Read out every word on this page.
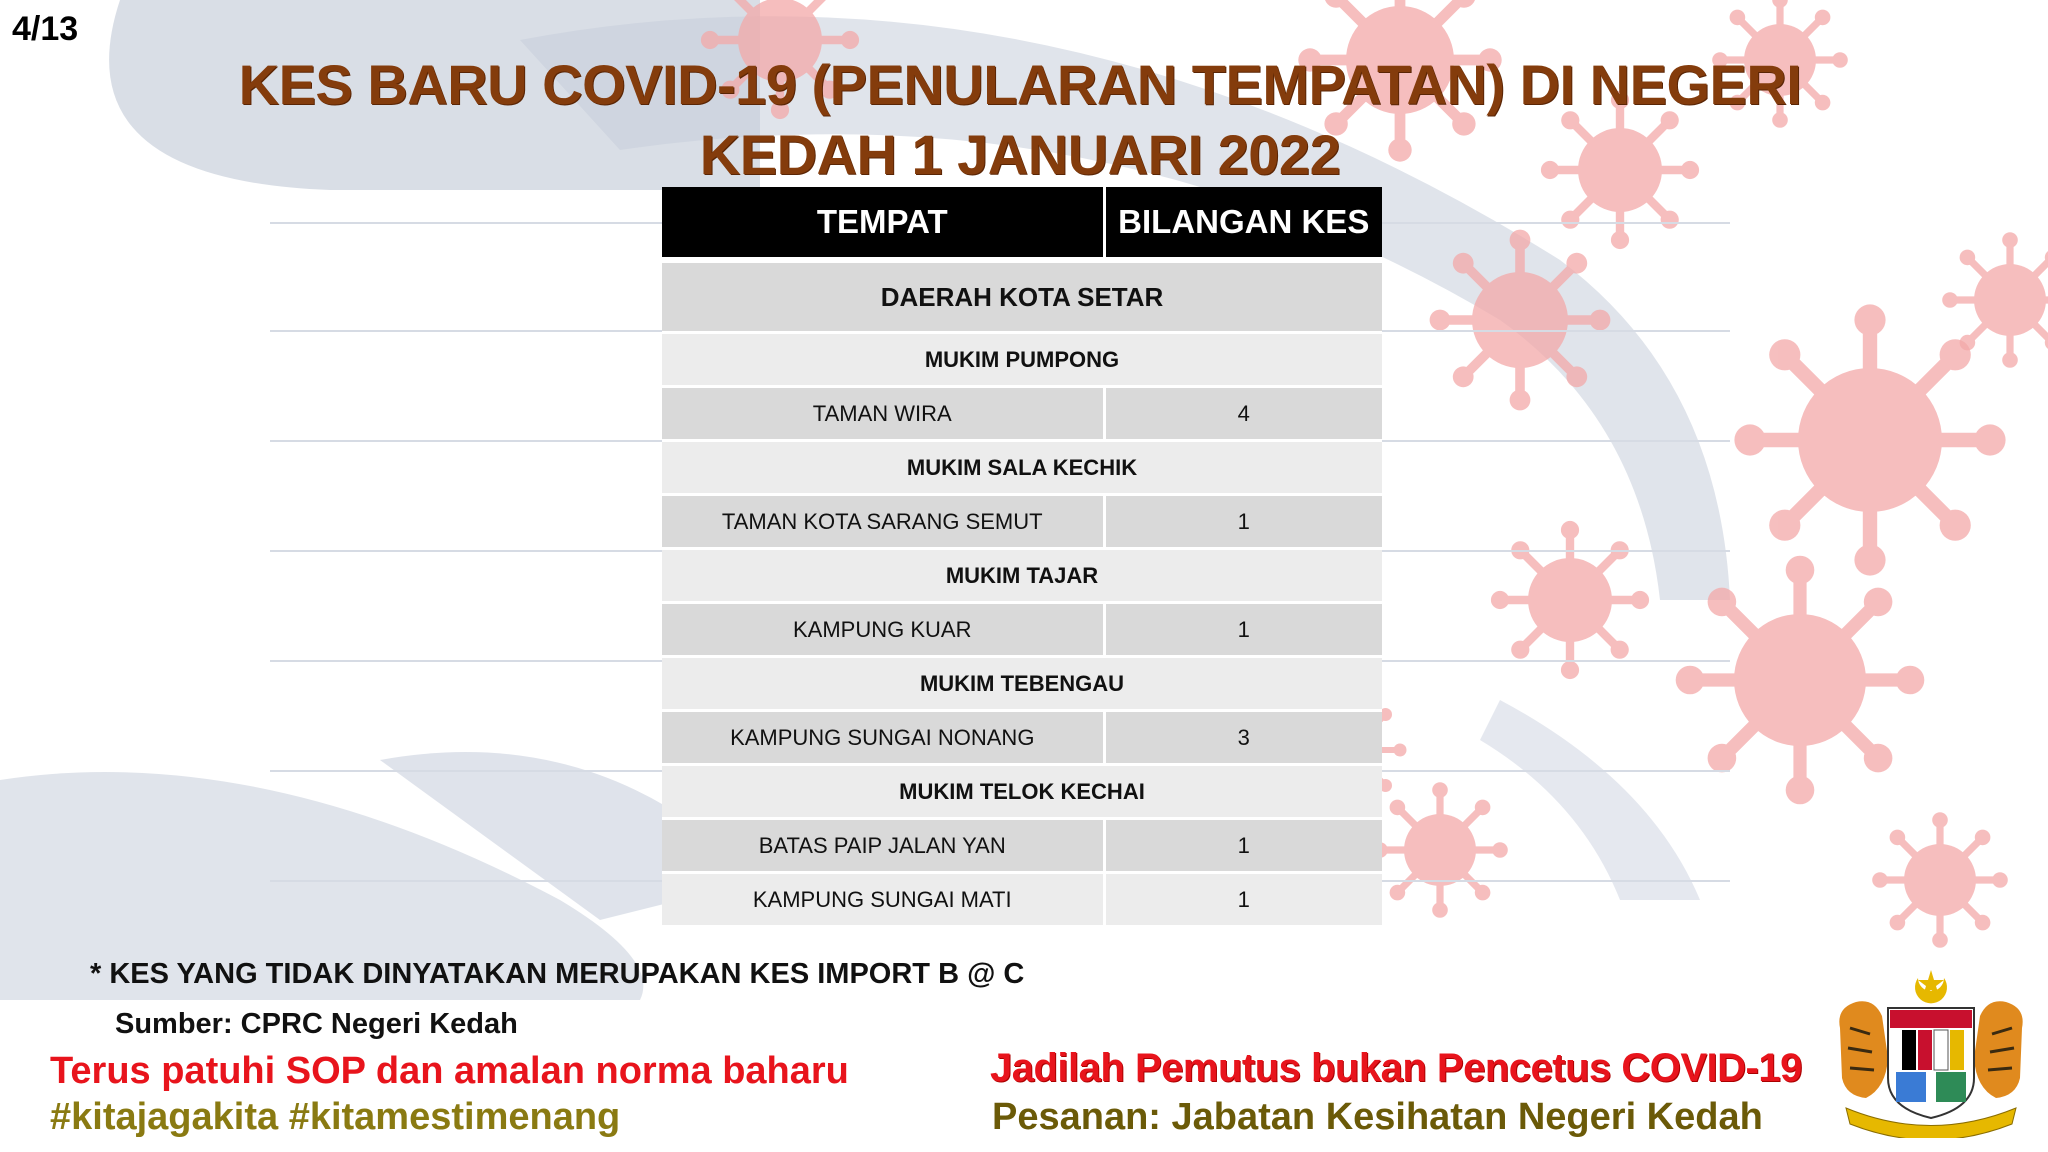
4/13
KES BARU COVID-19 (PENULARAN TEMPATAN) DI NEGERI
KEDAH 1 JANUARI 2022
TEMPAT	BILANGAN KES
DAERAH KOTA SETAR	
MUKIM PUMPONG	
TAMAN WIRA	4
MUKIM SALA KECHIK	
TAMAN KOTA SARANG SEMUT	1
MUKIM TAJAR	
KAMPUNG KUAR	1
MUKIM TEBENGAU	
KAMPUNG SUNGAI NONANG	3
MUKIM TELOK KECHAI	
BATAS PAIP JALAN YAN	1
KAMPUNG SUNGAI MATI	1
* KES YANG TIDAK DINYATAKAN MERUPAKAN KES IMPORT B @ C
Sumber: CPRC Negeri Kedah
Terus patuhi SOP dan amalan norma baharu
#kitajagakita #kitamestimenang
Jadilah Pemutus bukan Pencetus COVID-19
Pesanan: Jabatan Kesihatan Negeri Kedah
